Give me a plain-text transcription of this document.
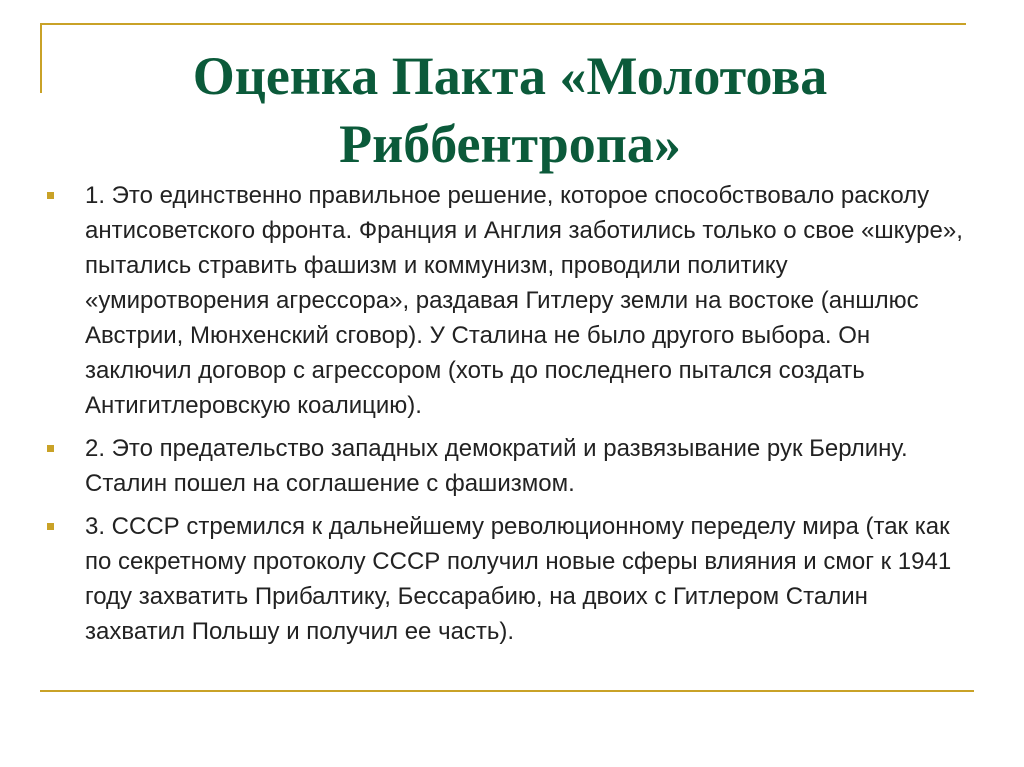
Оценка Пакта «Молотова
Риббентропа»
1. Это единственно правильное решение, которое способствовало расколу антисоветского фронта. Франция и Англия заботились только о свое «шкуре», пытались стравить фашизм и коммунизм, проводили политику «умиротворения агрессора», раздавая Гитлеру земли на востоке (аншлюс Австрии, Мюнхенский сговор). У Сталина не было другого выбора. Он заключил договор с агрессором (хоть до последнего пытался создать Антигитлеровскую коалицию).
2. Это предательство западных демократий и развязывание рук Берлину. Сталин пошел на соглашение с фашизмом.
3. СССР стремился к дальнейшему революционному переделу мира (так как по секретному протоколу СССР получил новые сферы влияния и смог к 1941 году захватить Прибалтику, Бессарабию, на двоих с Гитлером Сталин захватил Польшу и получил ее часть).
